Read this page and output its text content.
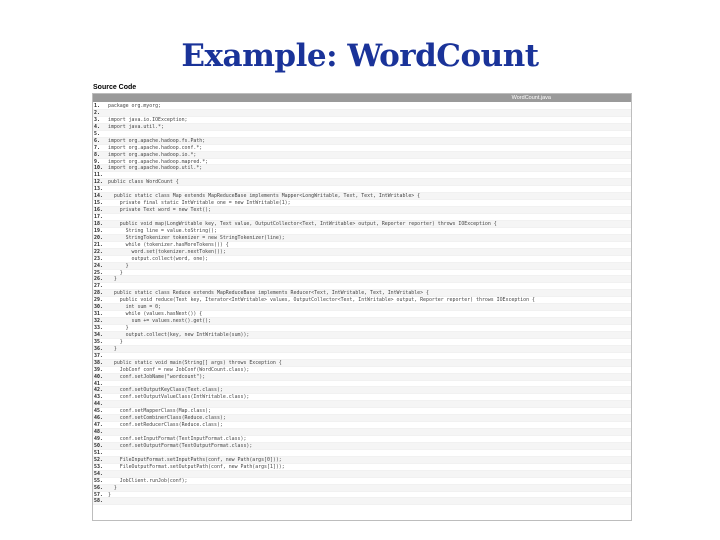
Example: WordCount
Source Code
WordCount.java
1. package org.myorg;
2.
3. import java.io.IOException;
4. import java.util.*;
5.
6. import org.apache.hadoop.fs.Path;
7. import org.apache.hadoop.conf.*;
8. import org.apache.hadoop.io.*;
9. import org.apache.hadoop.mapred.*;
10. import org.apache.hadoop.util.*;
11.
12. public class WordCount {
13.
14.  public static class Map extends MapReduceBase implements Mapper<LongWritable, Text, Text, IntWritable> {
15.    private final static IntWritable one = new IntWritable(1);
16.    private Text word = new Text();
17.
18.    public void map(LongWritable key, Text value, OutputCollector<Text, IntWritable> output, Reporter reporter) throws IOException {
19.      String line = value.toString();
20.      StringTokenizer tokenizer = new StringTokenizer(line);
21.      while (tokenizer.hasMoreTokens()) {
22.        word.set(tokenizer.nextToken());
23.        output.collect(word, one);
24.      }
25.    }
26.  }
27.
28.  public static class Reduce extends MapReduceBase implements Reducer<Text, IntWritable, Text, IntWritable> {
29.    public void reduce(Text key, Iterator<IntWritable> values, OutputCollector<Text, IntWritable> output, Reporter reporter) throws IOException {
30.      int sum = 0;
31.      while (values.hasNext()) {
32.        sum += values.next().get();
33.      }
34.      output.collect(key, new IntWritable(sum));
35.    }
36.  }
37.
38.  public static void main(String[] args) throws Exception {
39.    JobConf conf = new JobConf(WordCount.class);
40.    conf.setJobName("wordcount");
41.
42.    conf.setOutputKeyClass(Text.class);
43.    conf.setOutputValueClass(IntWritable.class);
44.
45.    conf.setMapperClass(Map.class);
46.    conf.setCombinerClass(Reduce.class);
47.    conf.setReducerClass(Reduce.class);
48.
49.    conf.setInputFormat(TextInputFormat.class);
50.    conf.setOutputFormat(TextOutputFormat.class);
51.
52.    FileInputFormat.setInputPaths(conf, new Path(args[0]));
53.    FileOutputFormat.setOutputPath(conf, new Path(args[1]));
54.
55.    JobClient.runJob(conf);
56.  }
57. }
58.
